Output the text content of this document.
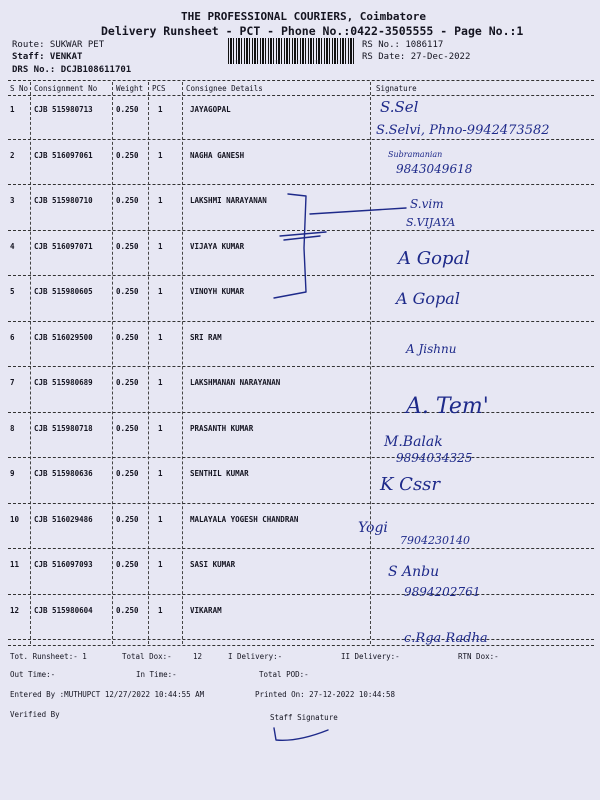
THE PROFESSIONAL COURIERS, Coimbatore
Delivery Runsheet - PCT - Phone No.:0422-3505555 - Page No.:1
Route: SUKWAR PET
Staff: VENKAT
DRS No.: DCJB108611701
RS No.: 1086117
RS Date: 27-Dec-2022
S No Consignment No	Weight PCS	Consignee Details	Signature
1	CJB 515980713	0.250	1	JAYAGOPAL
2	CJB 516097061	0.250	1	NAGHA GANESH
3	CJB 515980710	0.250	1	LAKSHMI NARAYANAN
4	CJB 516097071	0.250	1	VIJAYA KUMAR
5	CJB 515980605	0.250	1	VINOYH KUMAR
6	CJB 516029500	0.250	1	SRI RAM
7	CJB 515980689	0.250	1	LAKSHMANAN NARAYANAN
8	CJB 515980718	0.250	1	PRASANTH KUMAR
9	CJB 515980636	0.250	1	SENTHIL KUMAR
10 CJB 516029486	0.250	1	MALAYALA YOGESH CHANDRAN
11 CJB 516097093	0.250	1	SASI KUMAR
12 CJB 515980604	0.250	1	VIKARAM
S.Sel
S.Selvi, Phno-9942473582
Subramanian
9843049618
S.vim
S.VIJAYA
A Gopal
A Gopal
A Jishnu
A. Tem'
M.Balak
9894034325
K Cssr
Yogi
7904230140
S Anbu
9894202761
c.Rga Radha
Tot. Runsheet:- 1	Total Dox:-	12	I Delivery:-	II Delivery:-	RTN Dox:-
Out Time:-	In Time:-	Total POD:-
Entered By :MUTHUPCT 12/27/2022 10:44:55 AM	Printed On: 27-12-2022 10:44:58
Verified By	Staff Signature
